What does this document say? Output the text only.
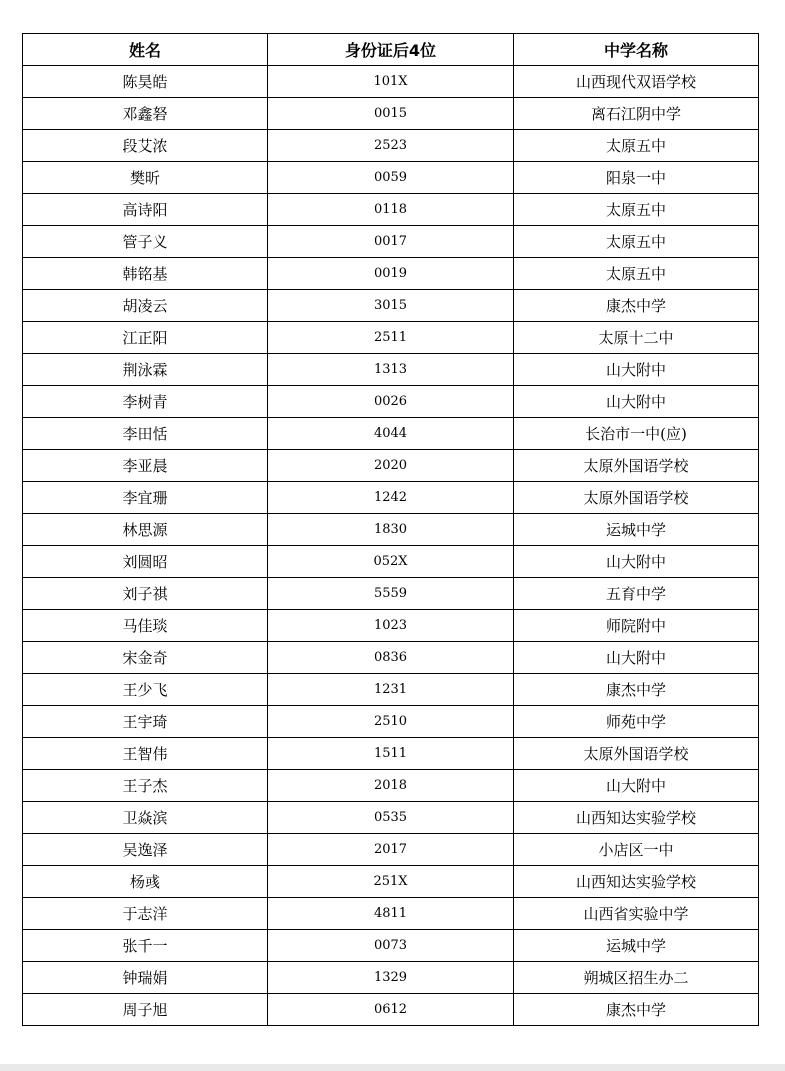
姓名	身份证后4位	中学名称
陈昊皓	101X	山西现代双语学校
邓鑫砮	0015	离石江阴中学
段艾浓	2523	太原五中
樊昕	0059	阳泉一中
高诗阳	0118	太原五中
管子义	0017	太原五中
韩铭基	0019	太原五中
胡凌云	3015	康杰中学
江正阳	2511	太原十二中
荆泳霖	1313	山大附中
李树青	0026	山大附中
李田恬	4044	长治市一中(应)
李亚晨	2020	太原外国语学校
李宜珊	1242	太原外国语学校
林思源	1830	运城中学
刘圆昭	052X	山大附中
刘子祺	5559	五育中学
马佳琰	1023	师院附中
宋金奇	0836	山大附中
王少飞	1231	康杰中学
王宇琦	2510	师苑中学
王智伟	1511	太原外国语学校
王子杰	2018	山大附中
卫焱滨	0535	山西知达实验学校
吴逸泽	2017	小店区一中
杨彧	251X	山西知达实验学校
于志洋	4811	山西省实验中学
张千一	0073	运城中学
钟瑞娟	1329	朔城区招生办二
周子旭	0612	康杰中学
